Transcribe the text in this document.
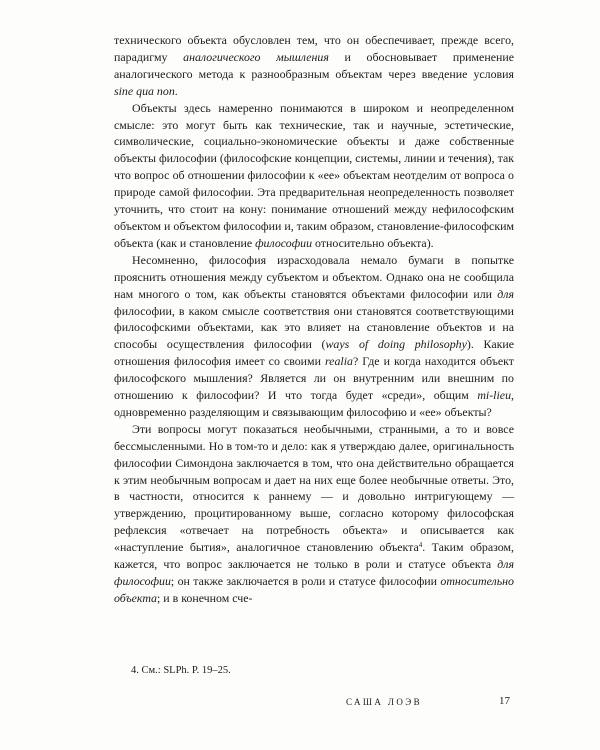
технического объекта обусловлен тем, что он обеспечивает, прежде всего, парадигму аналогического мышления и обосновывает применение аналогического метода к разнообразным объектам через введение условия sine qua non.

Объекты здесь намеренно понимаются в широком и неопределенном смысле: это могут быть как технические, так и научные, эстетические, символические, социально-экономические объекты и даже собственные объекты философии (философские концепции, системы, линии и течения), так что вопрос об отношении философии к «ее» объектам неотделим от вопроса о природе самой философии. Эта предварительная неопределенность позволяет уточнить, что стоит на кону: понимание отношений между нефилософским объектом и объектом философии и, таким образом, становление-философским объекта (как и становление философии относительно объекта).

Несомненно, философия израсходовала немало бумаги в попытке прояснить отношения между субъектом и объектом. Однако она не сообщила нам многого о том, как объекты становятся объектами философии или для философии, в каком смысле соответствия они становятся соответствующими философскими объектами, как это влияет на становление объектов и на способы осуществления философии (ways of doing philosophy). Какие отношения философия имеет со своими realia? Где и когда находится объект философского мышления? Является ли он внутренним или внешним по отношению к философии? И что тогда будет «среди», общим mi-lieu, одновременно разделяющим и связывающим философию и «ее» объекты?

Эти вопросы могут показаться необычными, странными, а то и вовсе бессмысленными. Но в том-то и дело: как я утверждаю далее, оригинальность философии Симондона заключается в том, что она действительно обращается к этим необычным вопросам и дает на них еще более необычные ответы. Это, в частности, относится к раннему — и довольно интригующему — утверждению, процитированному выше, согласно которому философская рефлексия «отвечает на потребность объекта» и описывается как «наступление бытия», аналогичное становлению объекта$^4$. Таким образом, кажется, что вопрос заключается не только в роли и статусе объекта для философии; он также заключается в роли и статусе философии относительно объекта; и в конечном сче-

4. См.: SLPh. P. 19–25.
САША ЛОЭВ	17
